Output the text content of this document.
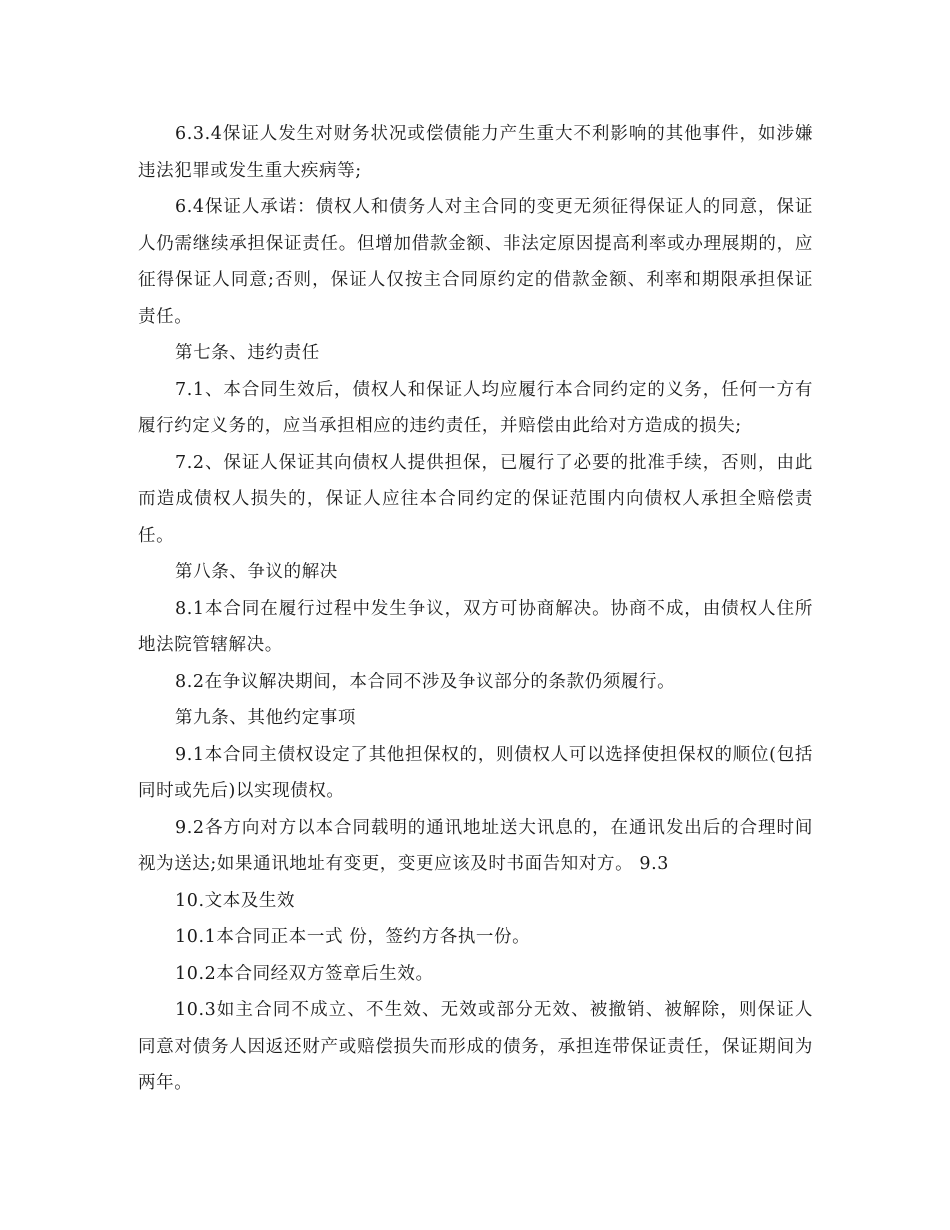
6.3.4保证人发生对财务状况或偿债能力产生重大不利影响的其他事件，如涉嫌违法犯罪或发生重大疾病等;

6.4保证人承诺：债权人和债务人对主合同的变更无须征得保证人的同意，保证人仍需继续承担保证责任。但增加借款金额、非法定原因提高利率或办理展期的，应征得保证人同意;否则，保证人仅按主合同原约定的借款金额、利率和期限承担保证责任。

第七条、违约责任

7.1、本合同生效后，债权人和保证人均应履行本合同约定的义务，任何一方有履行约定义务的，应当承担相应的违约责任，并赔偿由此给对方造成的损失;

7.2、保证人保证其向债权人提供担保，已履行了必要的批准手续，否则，由此而造成债权人损失的，保证人应往本合同约定的保证范围内向债权人承担全赔偿责任。

第八条、争议的解决

8.1本合同在履行过程中发生争议，双方可协商解决。协商不成，由债权人住所地法院管辖解决。

8.2在争议解决期间，本合同不涉及争议部分的条款仍须履行。

第九条、其他约定事项

9.1本合同主债权设定了其他担保权的，则债权人可以选择使担保权的顺位(包括同时或先后)以实现债权。

9.2各方向对方以本合同载明的通讯地址送大讯息的，在通讯发出后的合理时间视为送达;如果通讯地址有变更，变更应该及时书面告知对方。 9.3

10.文本及生效

10.1本合同正本一式 份，签约方各执一份。

10.2本合同经双方签章后生效。

10.3如主合同不成立、不生效、无效或部分无效、被撤销、被解除，则保证人同意对债务人因返还财产或赔偿损失而形成的债务，承担连带保证责任，保证期间为两年。
